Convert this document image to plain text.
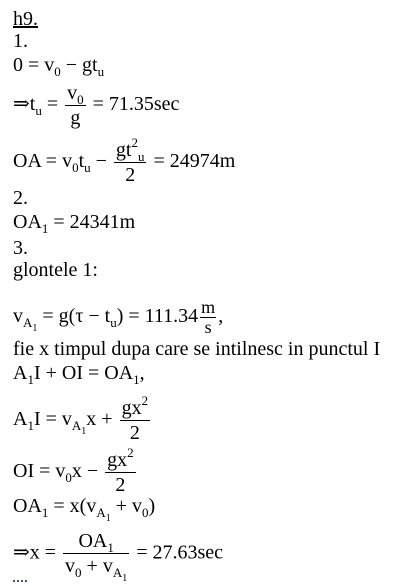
h9.
1.
$0 = v_0 - gt_u$
$\Rightarrow t_u = \frac{v_0}{g} = 71.35\sec$
OA = $v_0t_u - \frac{gt^2_u}{2} = 24974m$
2.
$OA_1 = 24341m$
3.
glontele 1:
$v_{A_1} = g(\tau - t_u) = 111.34 \frac{m}{s}$ ,
fie x timpul dupa care se intilnesc in punctul I
$A_1I$ + OI = $OA_1$,
$A_1I = v_{A_1}x + \frac{gx^2}{2}$
OI = $v_0x - \frac{gx^2}{2}$
$OA_1 = x(v_{A_1} + v_0)$
⇒x = $\frac{OA_1}{v_0 + v_{A_1}} = 27.63\sec$
